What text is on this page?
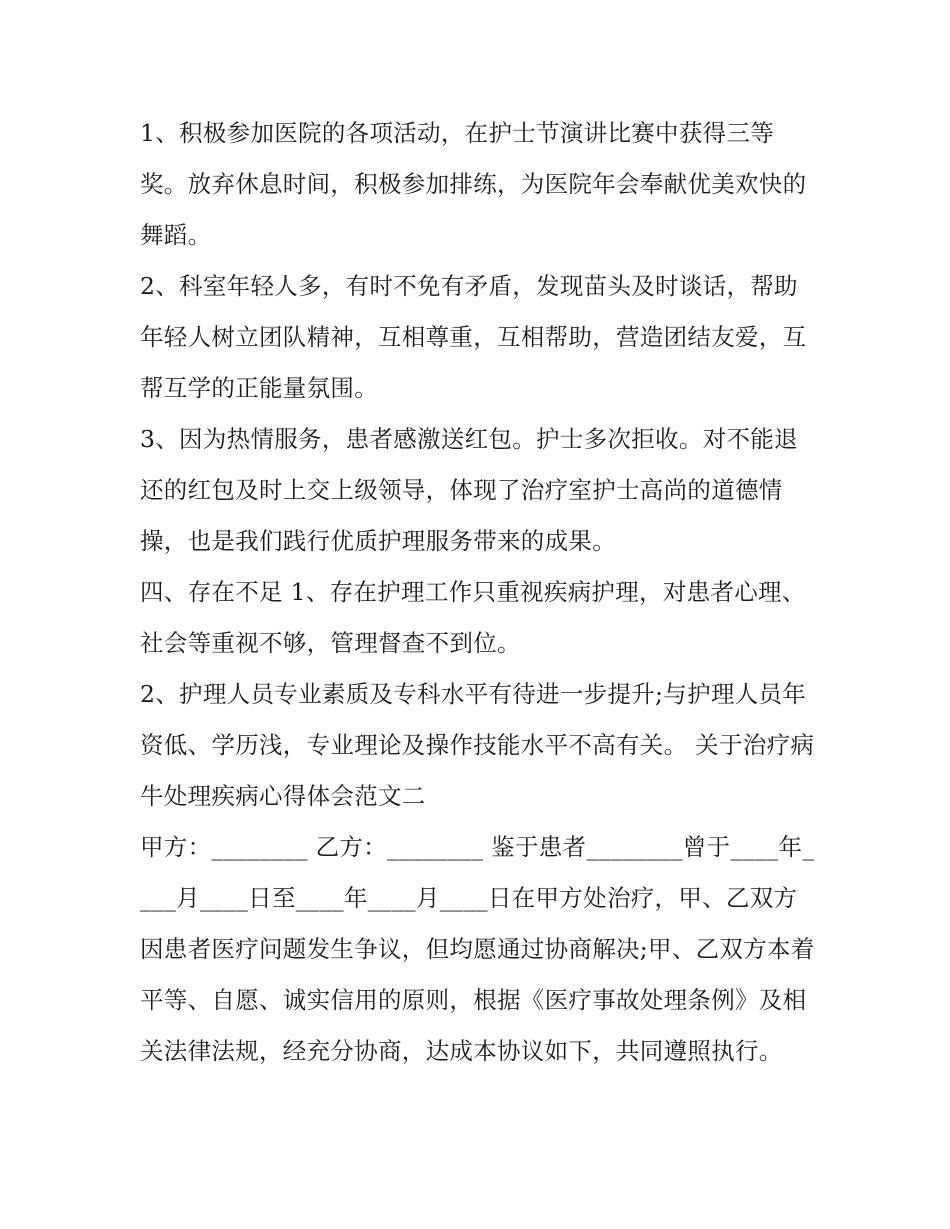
1、积极参加医院的各项活动，在护士节演讲比赛中获得三等奖。放弃休息时间，积极参加排练，为医院年会奉献优美欢快的舞蹈。

2、科室年轻人多，有时不免有矛盾，发现苗头及时谈话，帮助年轻人树立团队精神，互相尊重，互相帮助，营造团结友爱，互帮互学的正能量氛围。

3、因为热情服务，患者感激送红包。护士多次拒收。对不能退还的红包及时上交上级领导，体现了治疗室护士高尚的道德情操，也是我们践行优质护理服务带来的成果。

四、存在不足 1、存在护理工作只重视疾病护理，对患者心理、社会等重视不够，管理督查不到位。

2、护理人员专业素质及专科水平有待进一步提升;与护理人员年资低、学历浅，专业理论及操作技能水平不高有关。 关于治疗病牛处理疾病心得体会范文二

甲方：________ 乙方：________ 鉴于患者________曾于____年____月____日至____年____月____日在甲方处治疗，甲、乙双方因患者医疗问题发生争议，但均愿通过协商解决;甲、乙双方本着平等、自愿、诚实信用的原则，根据《医疗事故处理条例》及相关法律法规，经充分协商，达成本协议如下，共同遵照执行。
